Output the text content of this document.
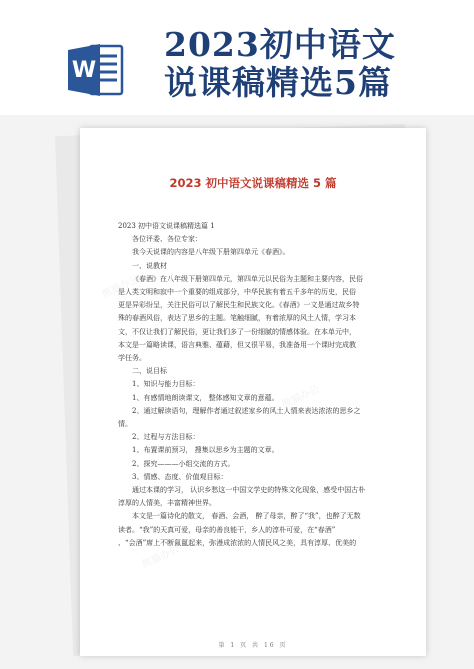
W
2023初中语文
说课稿精选5篇
熊猫办公
熊猫办公
熊猫办公
2023 初中语文说课稿精选 5 篇

2023 初中语文说课稿精选篇 1

各位评委、各位专家：

我今天说课的内容是八年级下册第四单元《春酒》。

一、说教材

《春酒》在八年级下册第四单元，第四单元以民俗为主题和主要内容，民俗

是人类文明和寂中一个重要的组成部分，中华民族有着五千多年的历史，民俗

更是异彩纷呈，关注民俗可以了解民生和民族文化。《春酒》一文是通过故乡特

殊的春酒风俗，表达了思乡的主题。笔触细腻，有着浓厚的风土人情，学习本

文，不仅让我们了解民俗，更让我们多了一份细腻的情感体验。在本单元中，

本文是一篇略读课，语言典雅、蕴藉，但又很平易，我准备用一个课时完成教

学任务。

二、说目标

1、知识与能力目标：

1、有感情地朗读课文， 整体感知文章的意蕴。

2、通过解读语句，理解作者通过叙述家乡的风土人情来表达浓浓的思乡之

情。

2、过程与方法目标：

1、布置课前预习， 搜集以思乡为主题的文章。

2、探究———小组交流的方式。

3、情感、态度、价值观目标：

通过本课的学习， 认识乡愁这一中国文学史的特殊文化现象，感受中国古朴

淳厚的人情美，丰富精神世界。

本文是一篇诗化的散文， 春酒、会酒， 醉了母亲，醉了“我”，也醉了无数

读者。“我”的天真可爱，母亲的善良能干，乡人的淳朴可爱，在“春酒”

、“会酒”席上不断氤氲起来，弥漫成浓浓的人情民风之美，具有淳厚、优美的

第 1 页 共 16 页
